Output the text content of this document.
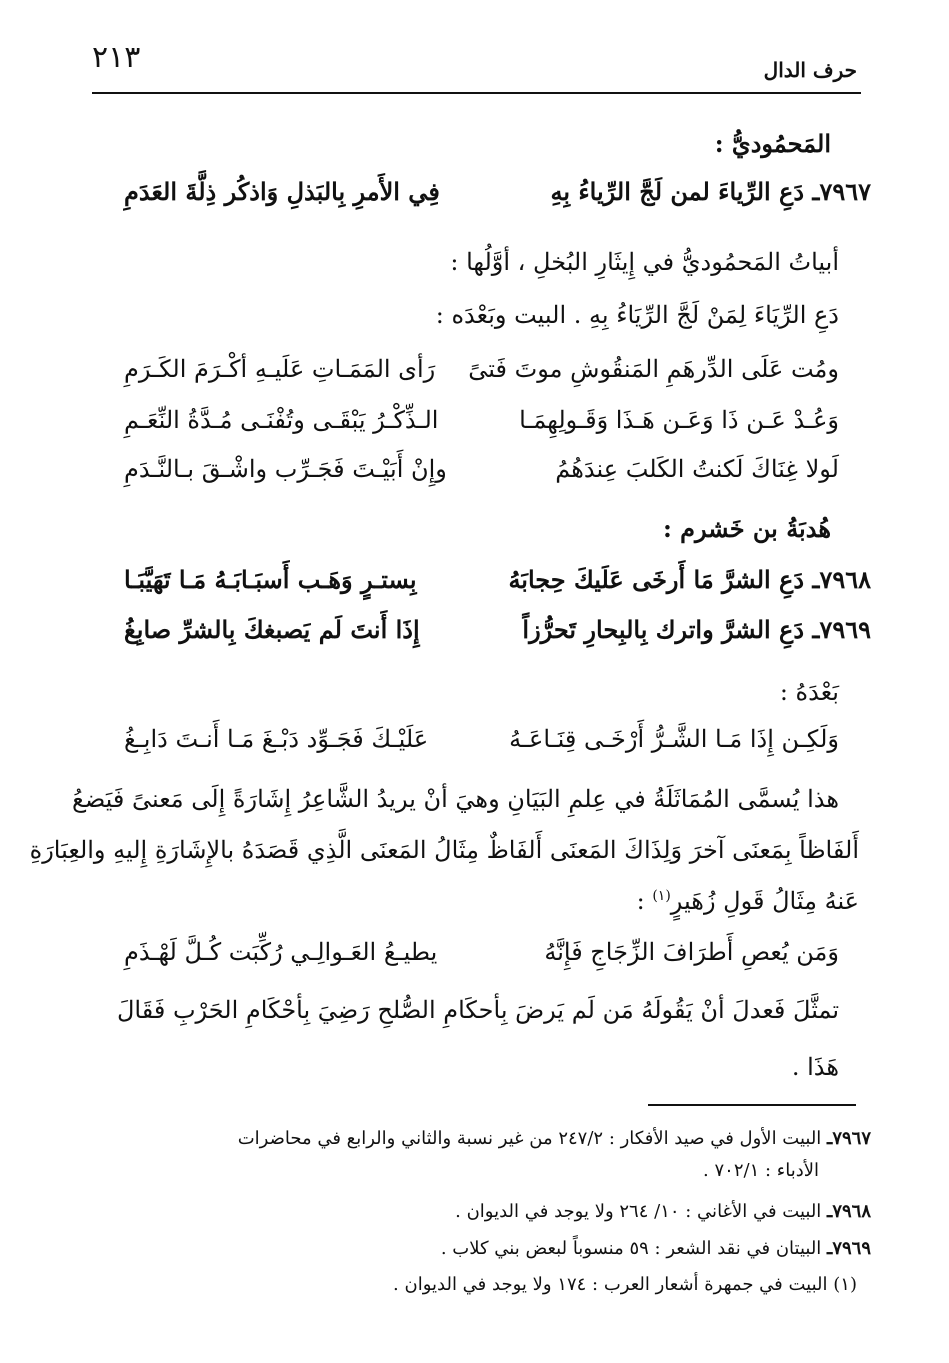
حرف الدال
٢١٣
المَحمُوديُّ :
٧٩٦٧ـ دَعِ الرِّياءَ لمن لَجَّ الرِّياءُ بِهِ
فِي الأَمرِ بِالبَذلِ وَاذكُر ذِلَّةَ العَدَمِ
أبياتُ المَحمُوديُّ في إِيثَارِ البُخلِ ، أوَّلُها :
دَعِ الرِّيَاءَ لِمَنْ لَجَّ الرِّيَاءُ بِهِ . البيت وبَعْدَه :
ومُت عَلَى الدِّرهَمِ المَنقُوشِ موتَ فَتىً
رَأى المَمَـاتِ عَلَيـهِ أكْـرَمَ الكَـرَمِ
وَعُـدْ عَـن ذَا وَعَـن هَـذَا وَقَـولِهِمَـا
الـذِّكْـرُ يَبْقَـى وتُفْنَـى مُـدَّةُ النِّعَـمِ
لَولا غِنَاكَ لَكنتُ الكَلبَ عِندَهُمُ
وإِنْ أَبَيْـتَ فَجَـرِّب واشْـقَ بـالنَّـدَمِ
هُدبَةُ بن خَشرم :
٧٩٦٨ـ دَعِ الشرَّ مَا أَرخَى عَلَيكَ حِجابَهُ
بِستـرٍ وَهَـب أَسبَـابَـهُ مَـا تَهَيَّبَـا
٧٩٦٩ـ دَعِ الشرَّ واترك بِالبِحارِ تَحرُّزاً
إِذَا أَنتَ لَم يَصبغكَ بِالشرِّ صابِغُ
بَعْدَهُ :
وَلَكِـن إِذَا مَـا الشَّـرُّ أَرْخَـى قِنَـاعَـهُ
عَلَيْـكَ فَجَـوِّد دَبْـغَ مَـا أَنـتَ دَابِـغُ
هذا يُسمَّى المُمَاثَلَةُ في عِلمِ البَيَانِ وهيَ أنْ يريدُ الشَّاعِرُ إِشَارَةً إِلَى مَعنىً فَيَضعُ
أَلفَاظاً بِمَعنَى آخرَ وَلِذَاكَ المَعنَى أَلفَاظٌ مِثَالُ المَعنَى الَّذِي قَصَدَهُ بالإِشَارَةِ إِليهِ والعِبَارَةِ
عَنهُ مِثَالُ قَولِ زُهَيرٍ$^{(١)}$ :
وَمَن يُعصِ أَطرَافَ الزِّجَاجِ فَإِنَّهُ
يطيـعُ العَـوالِـي رُكِّبَت كُـلَّ لَهْـذَمِ
تمثَّلَ فَعدلَ أنْ يَقُولَهُ مَن لَم يَرضَ بِأحكَامِ الصُّلحِ رَضِيَ بِأحْكَامِ الحَرْبِ فَقَالَ
هَذَا .
٧٩٦٧ـ البيت الأول في صيد الأفكار : ٢٤٧/٢ من غير نسبة والثاني والرابع في محاضرات
الأدباء : ٧٠٢/١ .
٧٩٦٨ـ البيت في الأغاني : ١٠/ ٢٦٤ ولا يوجد في الديوان .
٧٩٦٩ـ البيتان في نقد الشعر : ٥٩ منسوباً لبعض بني كلاب .
(١) البيت في جمهرة أشعار العرب : ١٧٤ ولا يوجد في الديوان .
